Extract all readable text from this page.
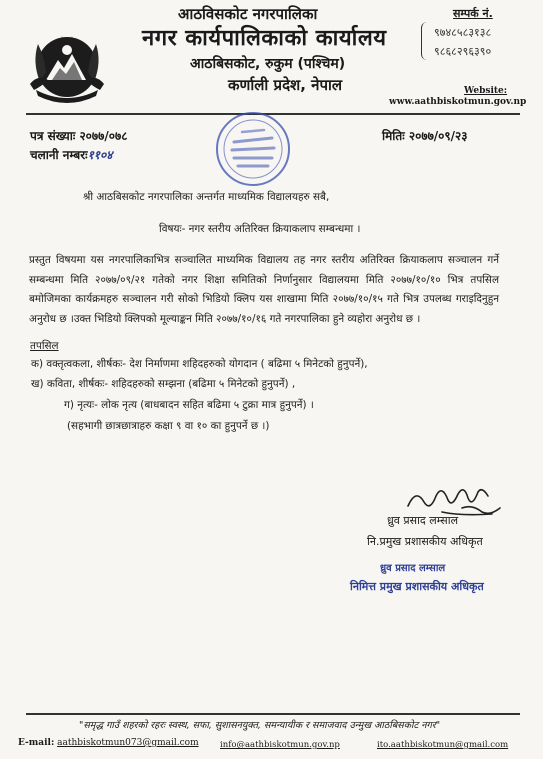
आठविसकोट नगरपालिका
नगर कार्यपालिकाको कार्यालय
आठबिसकोट, रुकुम (पश्चिम)
कर्णाली प्रदेश, नेपाल
सम्पर्क नं.
९७४८५८३१३८
९८६८२९६३९०
Website:
www.aathbiskotmun.gov.np
पत्र संख्याः २०७७/०७८
चलानी नम्बरः११०४
मितिः २०७७/०९/२३
श्री आठबिसकोट नगरपालिका अन्तर्गत माध्यमिक विद्यालयहरु सबै,
विषयः- नगर स्तरीय अतिरिक्त क्रियाकलाप सम्बन्धमा ।
प्रस्तुत विषयमा यस नगरपालिकाभित्र सञ्चालित माध्यमिक विद्यालय तह नगर स्तरीय अतिरिक्त क्रियाकलाप सञ्चालन गर्ने सम्बन्धमा मिति २०७७/०९/२१ गतेको नगर शिक्षा समितिको निर्णानुसार विद्यालयमा मिति २०७७/१०/१० भित्र तपसिल बमोजिमका कार्यक्रमहरु सञ्चालन गरी सोको भिडियो क्लिप यस शाखामा मिति २०७७/१०/१५ गते भित्र उपलब्ध गराइदिनुहुन अनुरोध छ ।उक्त भिडियो क्लिपको मूल्याङ्कन मिति २०७७/१०/१६ गते नगरपालिका हुने व्यहोरा अनुरोध छ ।
तपसिल
क) वक्तृत्वकला, शीर्षकः- देश निर्माणमा शहिदहरुको योगदान ( बढिमा ५ मिनेटको हुनुपर्ने),
ख) कविता, शीर्षकः- शहिदहरुको सम्झना (बढिमा ५ मिनेटको हुनुपर्ने) ,
ग) नृत्यः- लोक नृत्य (बाधबादन सहित बढिमा ५ टुक्रा मात्र हुनुपर्ने) ।
(सहभागी छात्रछात्राहरु कक्षा ९ वा १० का हुनुपर्ने छ ।)
ध्रुव प्रसाद लम्साल
नि.प्रमुख प्रशासकीय अधिकृत
ध्रुव प्रसाद लम्साल
निमित्त प्रमुख प्रशासकीय अधिकृत
"समृद्ध गाउँ शहरको रहरः स्वस्थ, सफा, सुशासनयुक्त, समन्यायीक र समाजवाद उन्मुख आठबिसकोट नगर"
E-mail: aathbiskotmun073@gmail.com	info@aathbiskotmun.gov.np	ito.aathbiskotmun@gmail.com
